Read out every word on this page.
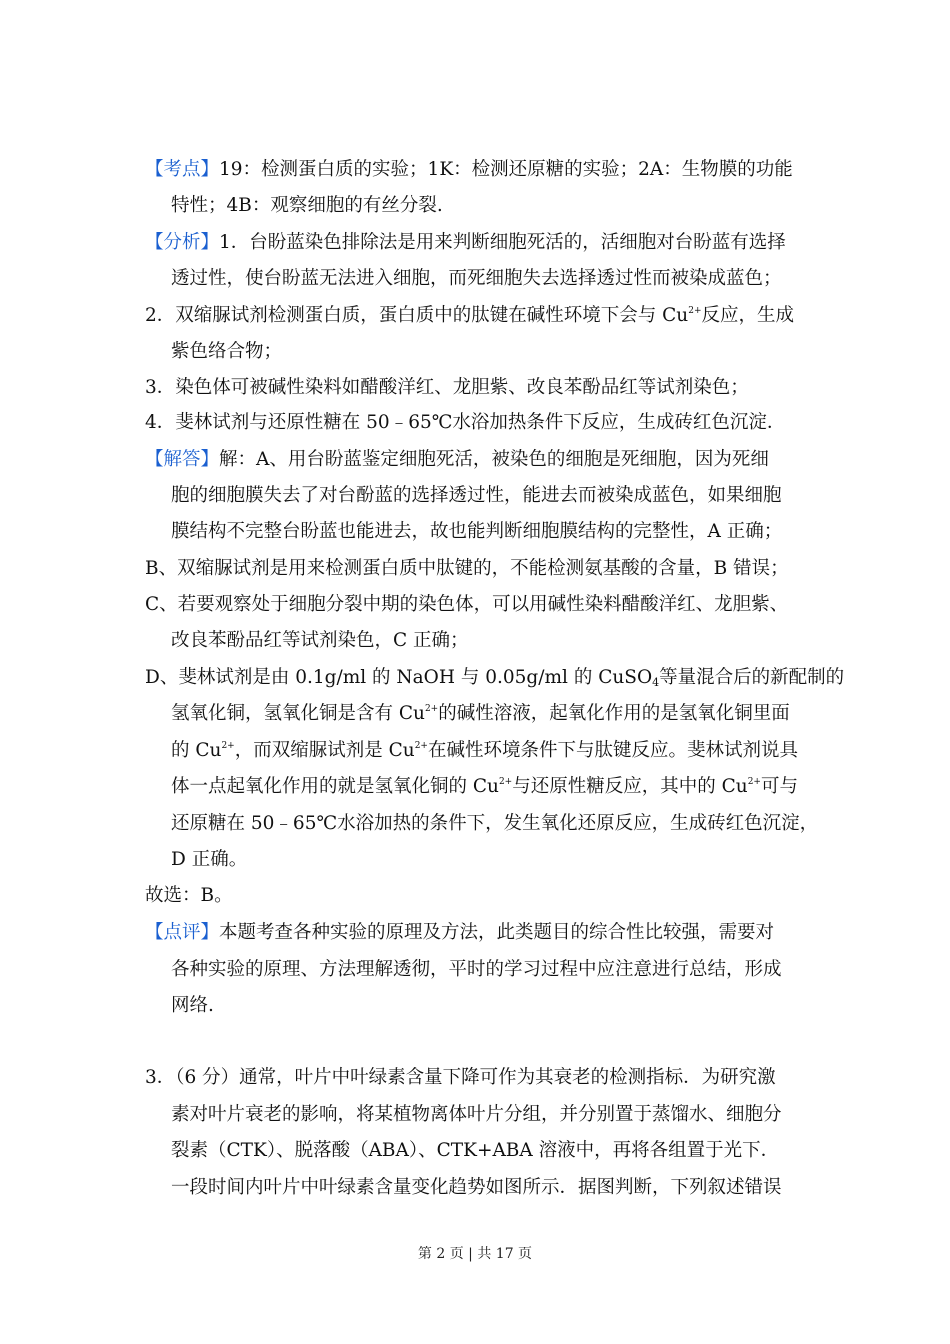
【考点】19：检测蛋白质的实验；1K：检测还原糖的实验；2A：生物膜的功能
特性；4B：观察细胞的有丝分裂.
【分析】1．台盼蓝染色排除法是用来判断细胞死活的，活细胞对台盼蓝有选择
透过性，使台盼蓝无法进入细胞，而死细胞失去选择透过性而被染成蓝色；
2．双缩脲试剂检测蛋白质，蛋白质中的肽键在碱性环境下会与 $Cu^{2+}$反应，生成
紫色络合物；
3．染色体可被碱性染料如醋酸洋红、龙胆紫、改良苯酚品红等试剂染色；
4．斐林试剂与还原性糖在 50﹣65℃水浴加热条件下反应，生成砖红色沉淀．
【解答】解：A、用台盼蓝鉴定细胞死活，被染色的细胞是死细胞，因为死细
胞的细胞膜失去了对台酚蓝的选择透过性，能进去而被染成蓝色，如果细胞
膜结构不完整台盼蓝也能进去，故也能判断细胞膜结构的完整性，A 正确；
B、双缩脲试剂是用来检测蛋白质中肽键的，不能检测氨基酸的含量，B 错误；
C、若要观察处于细胞分裂中期的染色体，可以用碱性染料醋酸洋红、龙胆紫、
改良苯酚品红等试剂染色，C 正确；
D、斐林试剂是由 0.1g/ml 的 NaOH 与 0.05g/ml 的 CuSO$_4$等量混合后的新配制的
氢氧化铜，氢氧化铜是含有 $Cu^{2+}$的碱性溶液，起氧化作用的是氢氧化铜里面
的 $Cu^{2+}$，而双缩脲试剂是 $Cu^{2+}$在碱性环境条件下与肽键反应。斐林试剂说具
体一点起氧化作用的就是氢氧化铜的 $Cu^{2+}$与还原性糖反应，其中的 $Cu^{2+}$可与
还原糖在 50﹣65℃水浴加热的条件下，发生氧化还原反应，生成砖红色沉淀，
D 正确。
故选：B。
【点评】本题考查各种实验的原理及方法，此类题目的综合性比较强，需要对
各种实验的原理、方法理解透彻，平时的学习过程中应注意进行总结，形成
网络.
3．（6 分）通常，叶片中叶绿素含量下降可作为其衰老的检测指标．为研究激
素对叶片衰老的影响，将某植物离体叶片分组，并分别置于蒸馏水、细胞分
裂素（CTK）、脱落酸（ABA）、CTK+ABA 溶液中，再将各组置于光下．
一段时间内叶片中叶绿素含量变化趋势如图所示．据图判断，下列叙述错误
第 2 页 | 共 17 页
